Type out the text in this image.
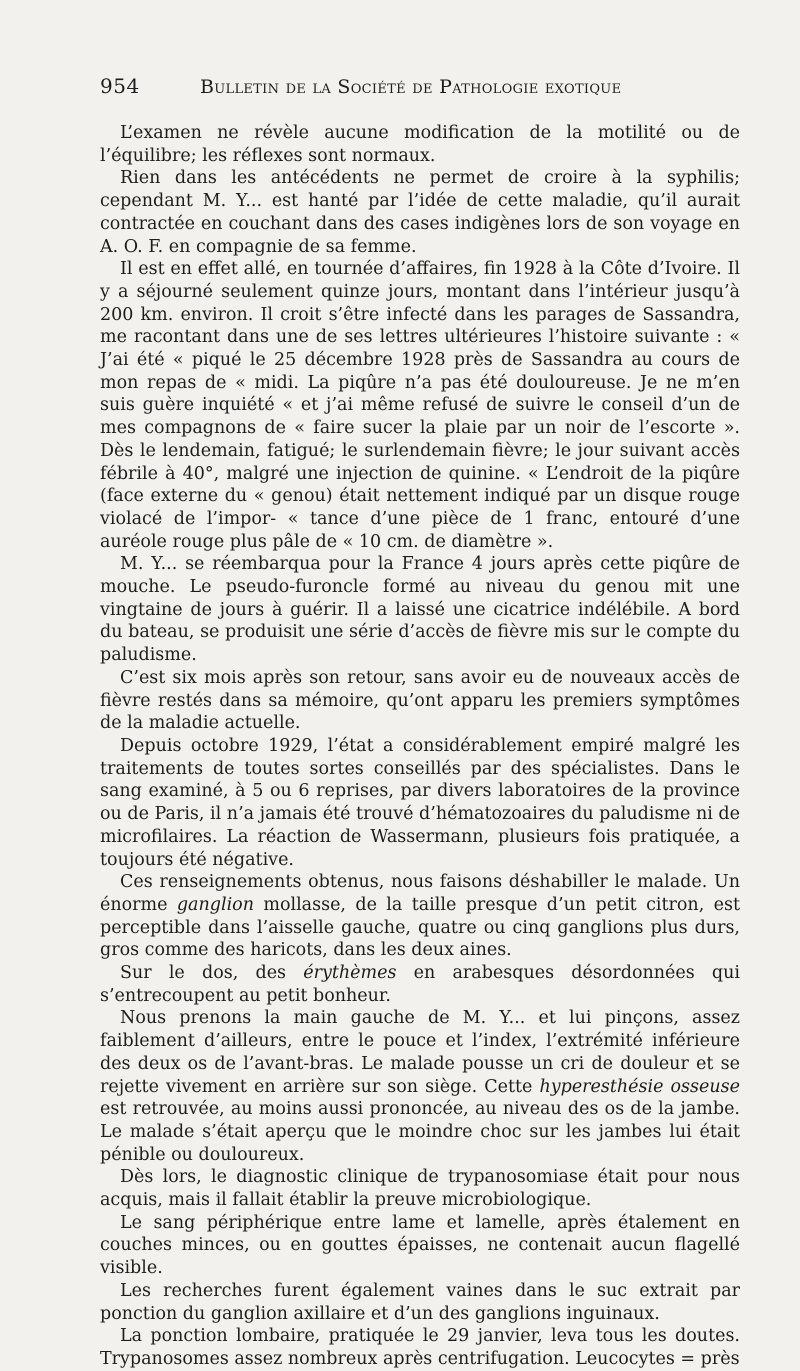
954	Bulletin de la Société de Pathologie exotique

L’examen ne révèle aucune modification de la motilité ou de l’équilibre; les réflexes sont normaux.

Rien dans les antécédents ne permet de croire à la syphilis; cependant M. Y... est hanté par l’idée de cette maladie, qu’il aurait contractée en couchant dans des cases indigènes lors de son voyage en A. O. F. en compagnie de sa femme.

Il est en effet allé, en tournée d’affaires, fin 1928 à la Côte d’Ivoire. Il y a séjourné seulement quinze jours, montant dans l’intérieur jusqu’à 200 km. environ. Il croit s’être infecté dans les parages de Sassandra, me racontant dans une de ses lettres ultérieures l’histoire suivante : « J’ai été « piqué le 25 décembre 1928 près de Sassandra au cours de mon repas de « midi. La piqûre n’a pas été douloureuse. Je ne m’en suis guère inquiété « et j’ai même refusé de suivre le conseil d’un de mes compagnons de « faire sucer la plaie par un noir de l’escorte ». Dès le lendemain, fatigué; le surlendemain fièvre; le jour suivant accès fébrile à 40°, malgré une injection de quinine. « L’endroit de la piqûre (face externe du « genou) était nettement indiqué par un disque rouge violacé de l’impor- « tance d’une pièce de 1 franc, entouré d’une auréole rouge plus pâle de « 10 cm. de diamètre ».

M. Y... se réembarqua pour la France 4 jours après cette piqûre de mouche. Le pseudo-furoncle formé au niveau du genou mit une vingtaine de jours à guérir. Il a laissé une cicatrice indélébile. A bord du bateau, se produisit une série d’accès de fièvre mis sur le compte du paludisme.

C’est six mois après son retour, sans avoir eu de nouveaux accès de fièvre restés dans sa mémoire, qu’ont apparu les premiers symptômes de la maladie actuelle.

Depuis octobre 1929, l’état a considérablement empiré malgré les traitements de toutes sortes conseillés par des spécialistes. Dans le sang examiné, à 5 ou 6 reprises, par divers laboratoires de la province ou de Paris, il n’a jamais été trouvé d’hématozoaires du paludisme ni de microfilaires. La réaction de Wassermann, plusieurs fois pratiquée, a toujours été négative.

Ces renseignements obtenus, nous faisons déshabiller le malade. Un énorme ganglion mollasse, de la taille presque d’un petit citron, est perceptible dans l’aisselle gauche, quatre ou cinq ganglions plus durs, gros comme des haricots, dans les deux aines.

Sur le dos, des érythèmes en arabesques désordonnées qui s’entrecoupent au petit bonheur.

Nous prenons la main gauche de M. Y... et lui pinçons, assez faiblement d’ailleurs, entre le pouce et l’index, l’extrémité inférieure des deux os de l’avant-bras. Le malade pousse un cri de douleur et se rejette vivement en arrière sur son siège. Cette hyperesthésie osseuse est retrouvée, au moins aussi prononcée, au niveau des os de la jambe. Le malade s’était aperçu que le moindre choc sur les jambes lui était pénible ou douloureux.

Dès lors, le diagnostic clinique de trypanosomiase était pour nous acquis, mais il fallait établir la preuve microbiologique.

Le sang périphérique entre lame et lamelle, après étalement en couches minces, ou en gouttes épaisses, ne contenait aucun flagellé visible.

Les recherches furent également vaines dans le suc extrait par ponction du ganglion axillaire et d’un des ganglions inguinaux.

La ponction lombaire, pratiquée le 29 janvier, leva tous les doutes. Trypanosomes assez nombreux après centrifugation. Leucocytes = près
